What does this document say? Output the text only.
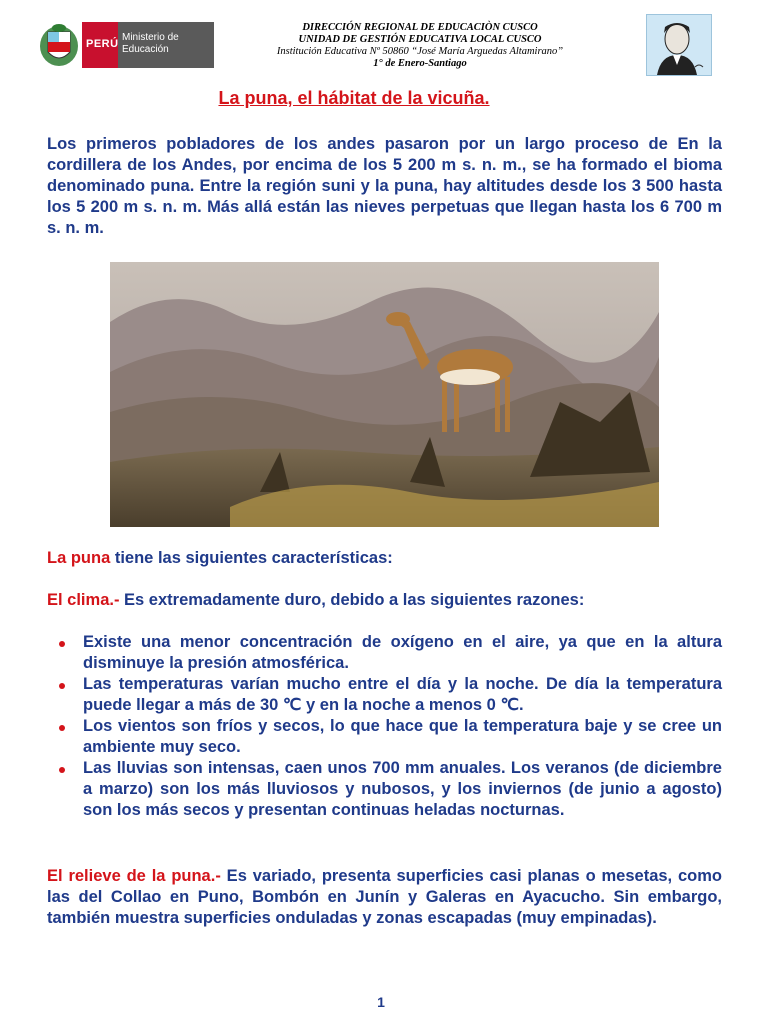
PERÚ
Ministerio de Educación
DIRECCIÓN REGIONAL DE EDUCACIÒN CUSCO
UNIDAD DE GESTIÓN EDUCATIVA LOCAL CUSCO
Institución Educativa Nº 50860 “José María Arguedas Altamirano”
1° de Enero-Santiago
La puna, el hábitat de la vicuña.

Los primeros pobladores de los andes pasaron por un largo proceso de En la cordillera de los Andes, por encima de los 5 200 m s. n. m., se ha formado el bioma denominado puna. Entre la región suni y la puna, hay altitudes desde los 3 500 hasta los 5 200 m s. n. m. Más allá están las nieves perpetuas que llegan hasta los 6 700 m s. n. m.

La puna tiene las siguientes características:
El clima.- Es extremadamente duro, debido a las siguientes razones:
Existe una menor concentración de oxígeno en el aire, ya que en la altura disminuye la presión atmosférica.
Las temperaturas varían mucho entre el día y la noche. De día la temperatura puede llegar a más de 30 ℃ y en la noche a menos 0 ℃.
Los vientos son fríos y secos, lo que hace que la temperatura baje y se cree un ambiente muy seco.
Las lluvias son intensas, caen unos 700 mm anuales. Los veranos (de diciembre a marzo) son los más lluviosos y nubosos, y los inviernos (de junio a agosto) son los más secos y presentan continuas heladas nocturnas.

El relieve de la puna.- Es variado, presenta superficies casi planas o mesetas, como las del Collao en Puno, Bombón en Junín y Galeras en Ayacucho. Sin embargo, también muestra superficies onduladas y zonas escapadas (muy empinadas).

1
